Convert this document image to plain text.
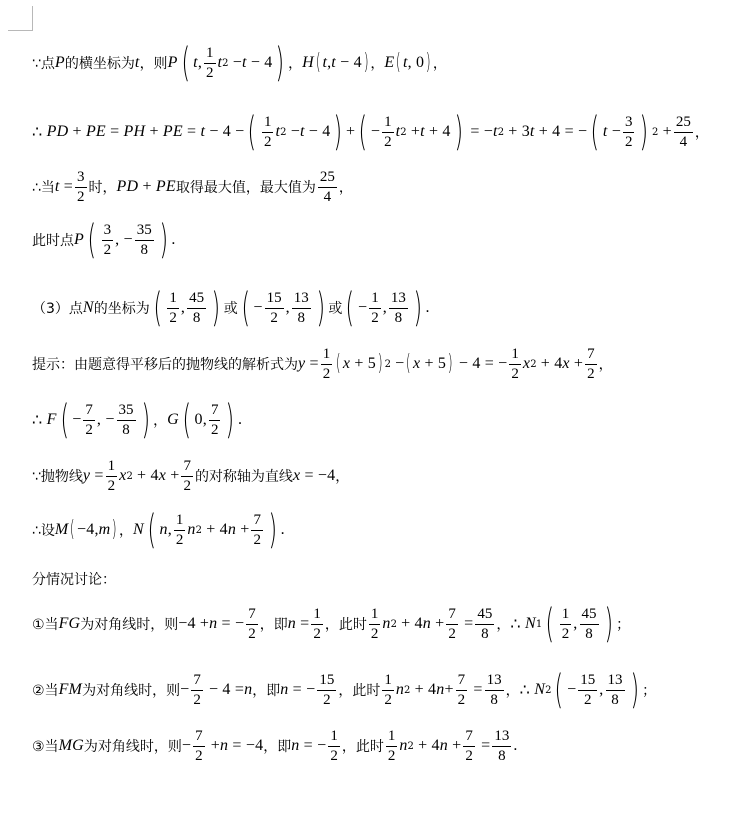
∵点 P 的横坐标为 t ，则 P ( t , $\frac{1}{2}$ t 2 − t − 4 ) ， H ( t , t − 4 ) ， E ( t , 0 ) ，
∴ PD + PE = PH + PE = t − 4 − ( $\frac{1}{2}$ t 2 − t − 4 ) + ( − $\frac{1}{2}$ t 2 + t + 4 ) = − t 2 + 3 t + 4 = − ( $t - \frac{3}{2}$ ) $2 + \frac{25}{4}$ ，
∴当 $t = \frac{3}{2}$ 时， PD + PE 取得最大值，最大值为 $\frac{25}{4}$ ，
此时点 P ( $\frac{3}{2}$ , − $\frac{35}{8}$ ) .
（3）点 N 的坐标为 ( $\frac{1}{2}$ , $\frac{45}{8}$ ) 或 ( − $\frac{15}{2}$ , $\frac{13}{8}$ ) 或 ( − $\frac{1}{2}$ , $\frac{13}{8}$ ) .
提示：由题意得平移后的抛物线的解析式为 $y = \frac{1}{2}$ ( x + 5 ) 2 − ( x + 5 ) − 4 = − $\frac{1}{2}$ x 2 + 4 $x + \frac{7}{2}$ ，
∴ F ( − $\frac{7}{2}$ , − $\frac{35}{8}$ ) ， G ( 0, $\frac{7}{2}$ ) .
∵抛物线 $y = \frac{1}{2}$ x 2 + 4 $x + \frac{7}{2}$ 的对称轴为直线 x = −4 ，
∴设 M ( −4, m ) ， N ( n , $\frac{1}{2}$ n 2 + 4 $n + \frac{7}{2}$ ) .
分情况讨论：
①当 FG 为对角线时，则 −4 + n = − $\frac{7}{2}$ ，即 $n = \frac{1}{2}$ ，此时 $\frac{1}{2}$ n 2 + 4 $n + \frac{7}{2} = \frac{45}{8}$ ， ∴ N 1 ( $\frac{1}{2}$ , $\frac{45}{8}$ ) ；
②当 FM 为对角线时，则 − $\frac{7}{2} - 4 = n$ ，即 n = − $\frac{15}{2}$ ，此时 $\frac{1}{2}$ n 2 + 4 $n + \frac{7}{2} = \frac{13}{8}$ ， ∴ N 2 ( − $\frac{15}{2}$ , $\frac{13}{8}$ ) ；
③当 MG 为对角线时，则 − $\frac{7}{2} + n = -4$ ，即 n = − $\frac{1}{2}$ ，此时 $\frac{1}{2}$ n 2 + 4 $n + \frac{7}{2} = \frac{13}{8}$ .
